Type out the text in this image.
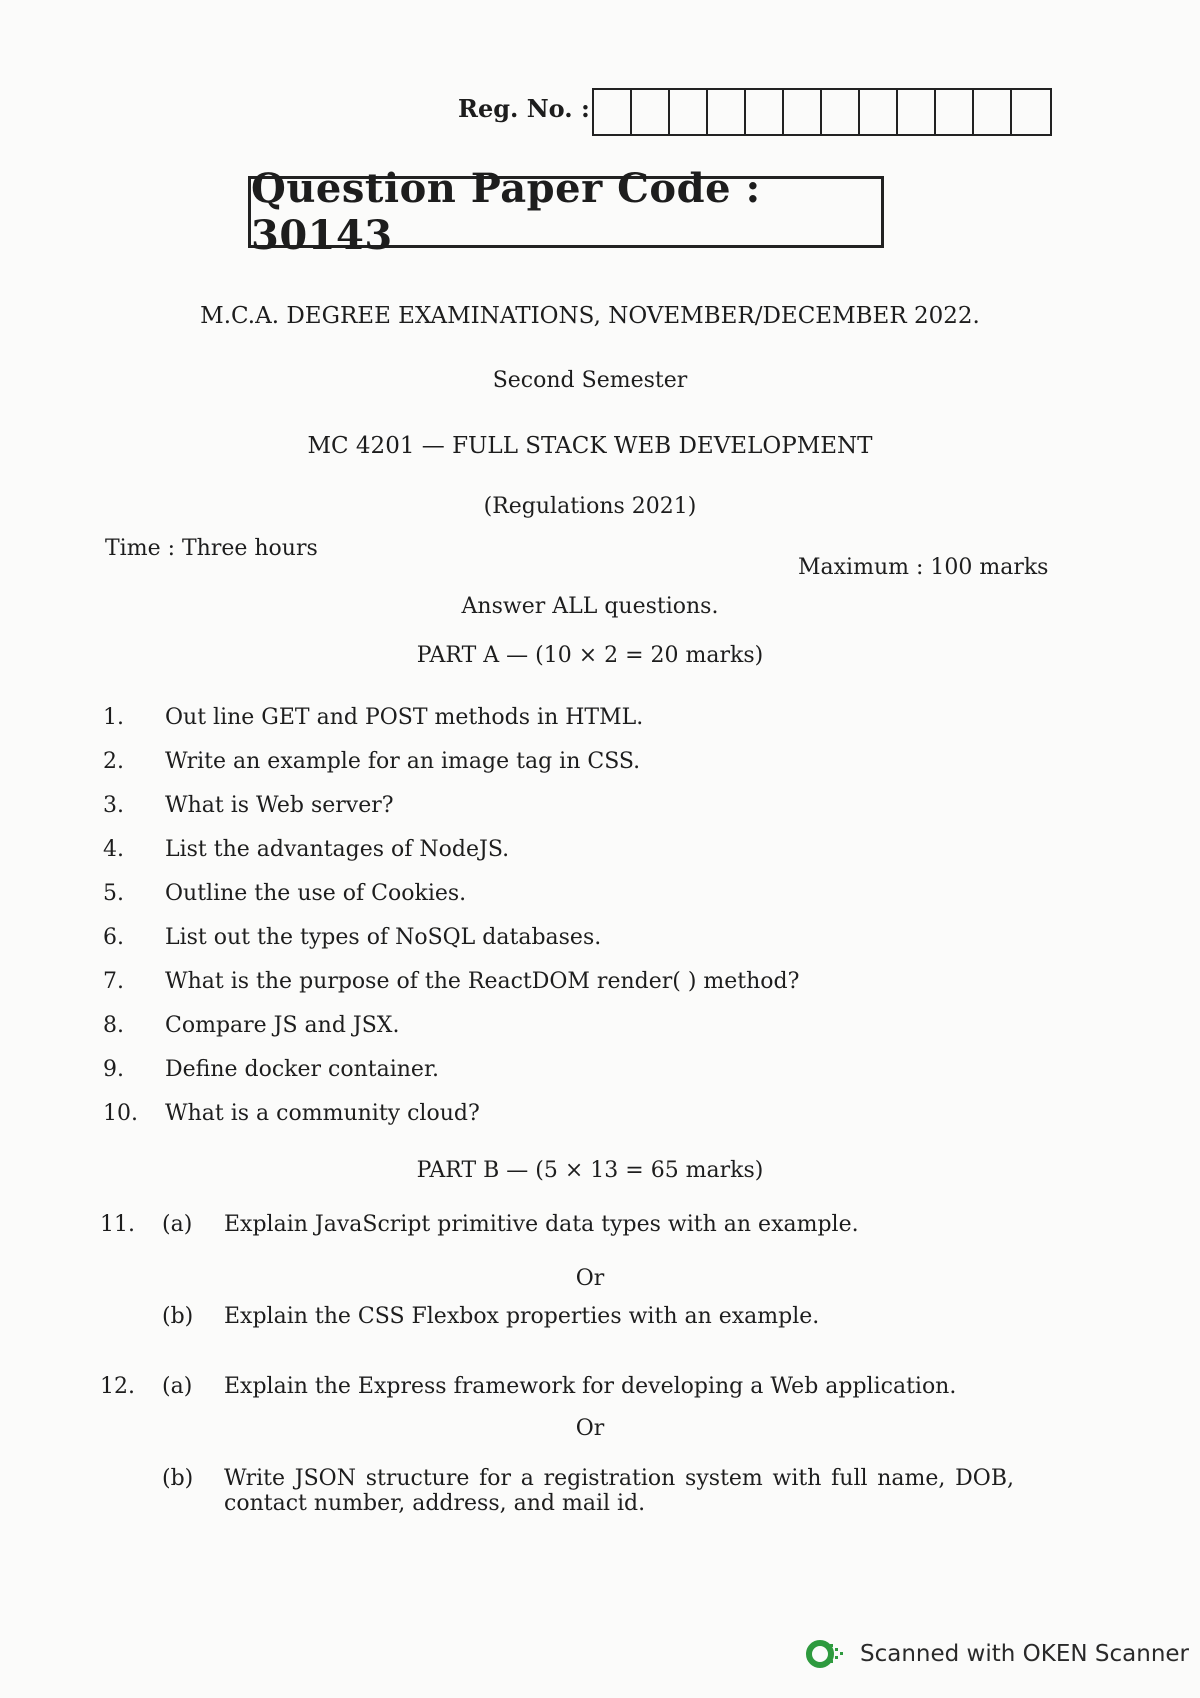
Reg. No. :
Question Paper Code : 30143
M.C.A. DEGREE EXAMINATIONS, NOVEMBER/DECEMBER 2022.
Second Semester
MC 4201 — FULL STACK WEB DEVELOPMENT
(Regulations 2021)
Time : Three hours
Maximum : 100 marks
Answer ALL questions.
PART A — (10 × 2 = 20 marks)
1.	Out line GET and POST methods in HTML.
2.	Write an example for an image tag in CSS.
3.	What is Web server?
4.	List the advantages of NodeJS.
5.	Outline the use of Cookies.
6.	List out the types of NoSQL databases.
7.	What is the purpose of the ReactDOM render( ) method?
8.	Compare JS and JSX.
9.	Define docker container.
10.	What is a community cloud?
PART B — (5 × 13 = 65 marks)
11. (a) Explain JavaScript primitive data types with an example.
Or
(b) Explain the CSS Flexbox properties with an example.
12. (a) Explain the Express framework for developing a Web application.
Or
(b) Write JSON structure for a registration system with full name, DOB, contact number, address, and mail id.
Scanned with OKEN Scanner
